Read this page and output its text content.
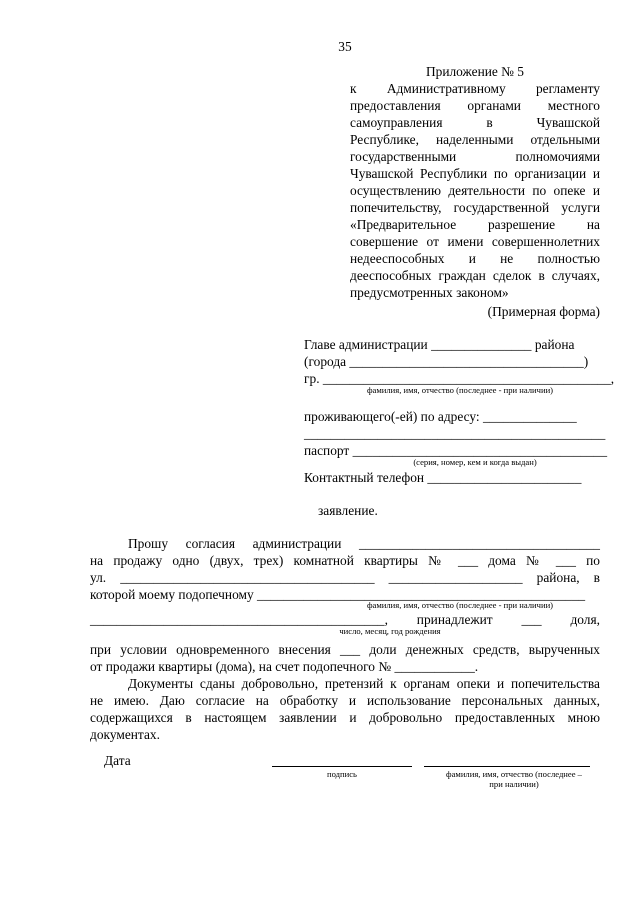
35
Приложение № 5
к Административному регламенту
предоставления органами местного
самоуправления в Чувашской
Республике, наделенными отдельными
государственными полномочиями
Чувашской Республики по организации и
осуществлению деятельности по опеке и
попечительству, государственной услуги
«Предварительное разрешение на
совершение от имени совершеннолетних
недееспособных и не полностью
дееспособных граждан сделок в случаях,
предусмотренных законом»
(Примерная форма)
Главе администрации _______________ района
(города ___________________________________)
гр. ___________________________________________,
фамилия, имя, отчество (последнее - при наличии)
проживающего(-ей) по адресу: ______________
_____________________________________________
паспорт ______________________________________
(серия, номер, кем и когда выдан)
Контактный телефон _______________________
заявление.
Прошу согласия администрации ____________________________________
на продажу одно (двух, трех) комнатной квартиры № ___ дома № ___ по
ул. ______________________________________ ____________________ района, в
которой моему подопечному _________________________________________________
фамилия, имя, отчество (последнее - при наличии)
____________________________________________, принадлежит ___ доля,
число, месяц, год рождения
при условии одновременного внесения ___ доли денежных средств, вырученных
от продажи квартиры (дома), на счет подопечного № ____________.
Документы сданы добровольно, претензий к органам опеки и попечительства
не имею. Даю согласие на обработку и использование персональных данных,
содержащихся в настоящем заявлении и добровольно предоставленных мною
документах.
Дата
подпись	фамилия, имя, отчество (последнее –
при наличии)
